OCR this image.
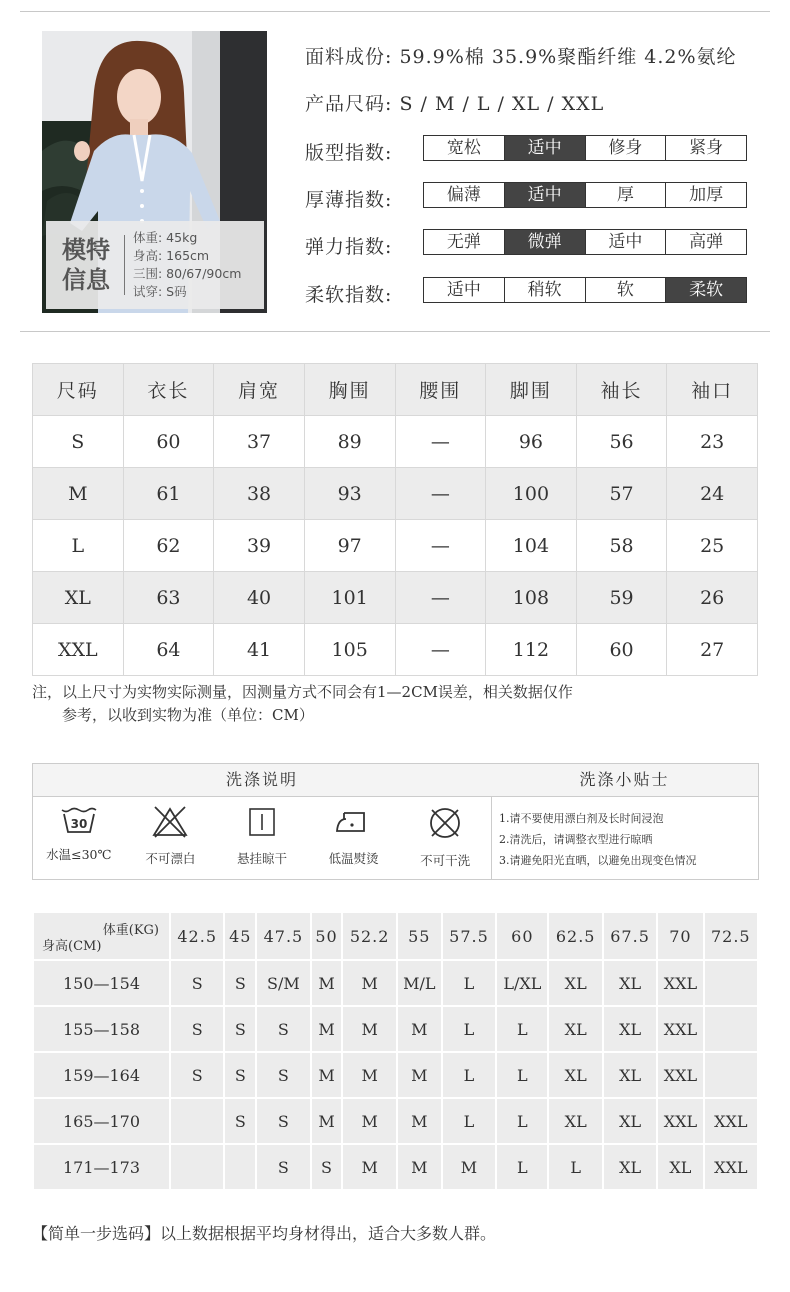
模特
信息
体重: 45kg
身高: 165cm
三围: 80/67/90cm
试穿: S码
面料成份: 59.9%棉 35.9%聚酯纤维 4.2%氨纶
产品尺码: S / M / L / XL / XXL
版型指数:	宽松	适中	修身	紧身
厚薄指数:	偏薄	适中	厚	加厚
弹力指数:	无弹	微弹	适中	高弹
柔软指数:	适中	稍软	软	柔软
尺码	衣长	肩宽	胸围	腰围	脚围	袖长	袖口
S	60	37	89	—	96	56	23
M	61	38	93	—	100	57	24
L	62	39	97	—	104	58	25
XL	63	40	101	—	108	59	26
XXL	64	41	105	—	112	60	27
注，以上尺寸为实物实际测量，因测量方式不同会有1—2CM误差，相关数据仅作
参考，以收到实物为准（单位：CM）
洗涤说明
30
水温≤30℃	不可漂白	悬挂晾干	低温熨烫	不可干洗
洗涤小贴士
1.请不要使用漂白剂及长时间浸泡
2.清洗后，请调整衣型进行晾晒
3.请避免阳光直晒，以避免出现变色情况
体重(KG)
身高(CM)	42.5	45	47.5	50	52.2	55	57.5	60	62.5	67.5	70	72.5
150—154	S	S	S/M	M	M	M/L	L	L/XL	XL	XL	XXL	
155—158	S	S	S	M	M	M	L	L	XL	XL	XXL	
159—164	S	S	S	M	M	M	L	L	XL	XL	XXL	
165—170		S	S	M	M	M	L	L	XL	XL	XXL	XXL
171—173			S	S	M	M	M	L	L	XL	XL	XXL
【简单一步选码】以上数据根据平均身材得出，适合大多数人群。
